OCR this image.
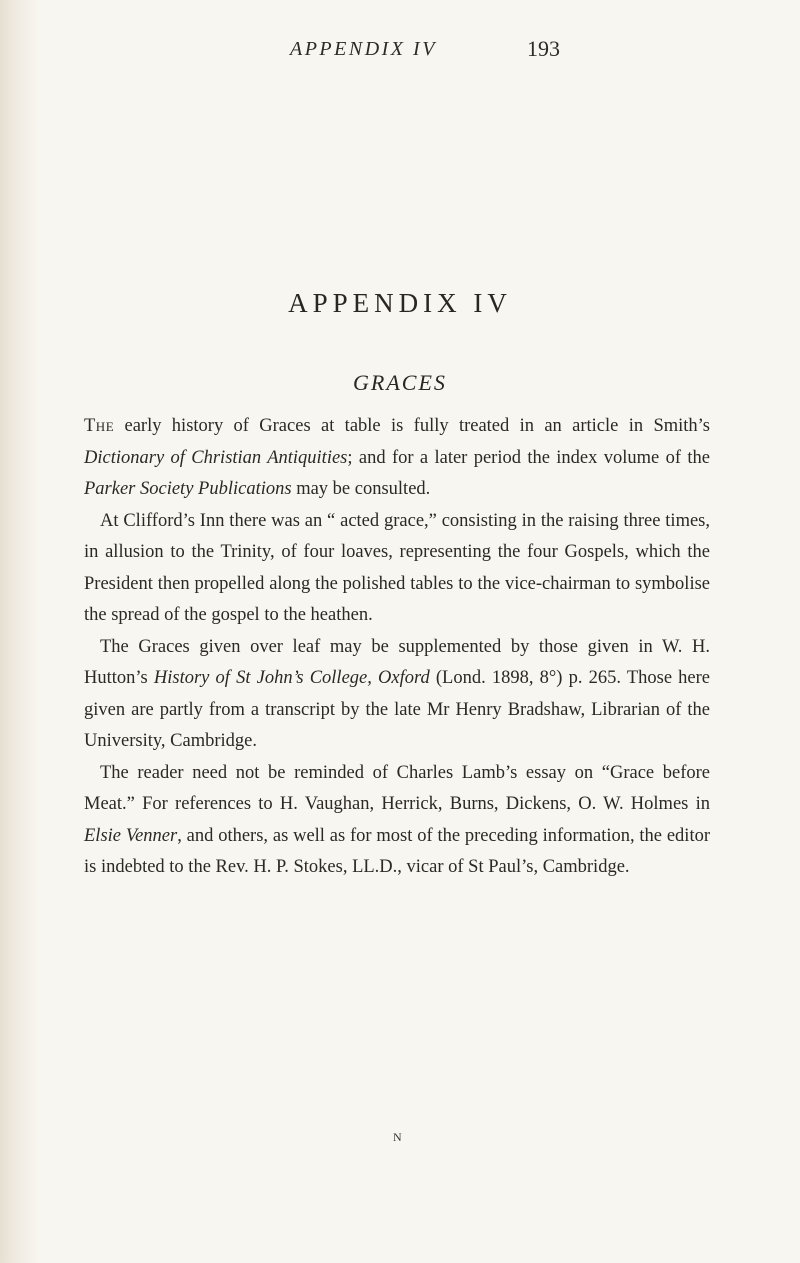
APPENDIX IV	193
APPENDIX IV
GRACES

The early history of Graces at table is fully treated in an article in Smith’s Dictionary of Christian Antiquities; and for a later period the index volume of the Parker Society Publications may be consulted.

At Clifford’s Inn there was an “ acted grace,” consisting in the raising three times, in allusion to the Trinity, of four loaves, representing the four Gospels, which the President then propelled along the polished tables to the vice-chairman to symbolise the spread of the gospel to the heathen.

The Graces given over leaf may be supplemented by those given in W. H. Hutton’s History of St John’s College, Oxford (Lond. 1898, 8°) p. 265. Those here given are partly from a transcript by the late Mr Henry Bradshaw, Librarian of the University, Cambridge.

The reader need not be reminded of Charles Lamb’s essay on “Grace before Meat.” For references to H. Vaughan, Herrick, Burns, Dickens, O. W. Holmes in Elsie Venner, and others, as well as for most of the preceding information, the editor is indebted to the Rev. H. P. Stokes, LL.D., vicar of St Paul’s, Cambridge.

N
